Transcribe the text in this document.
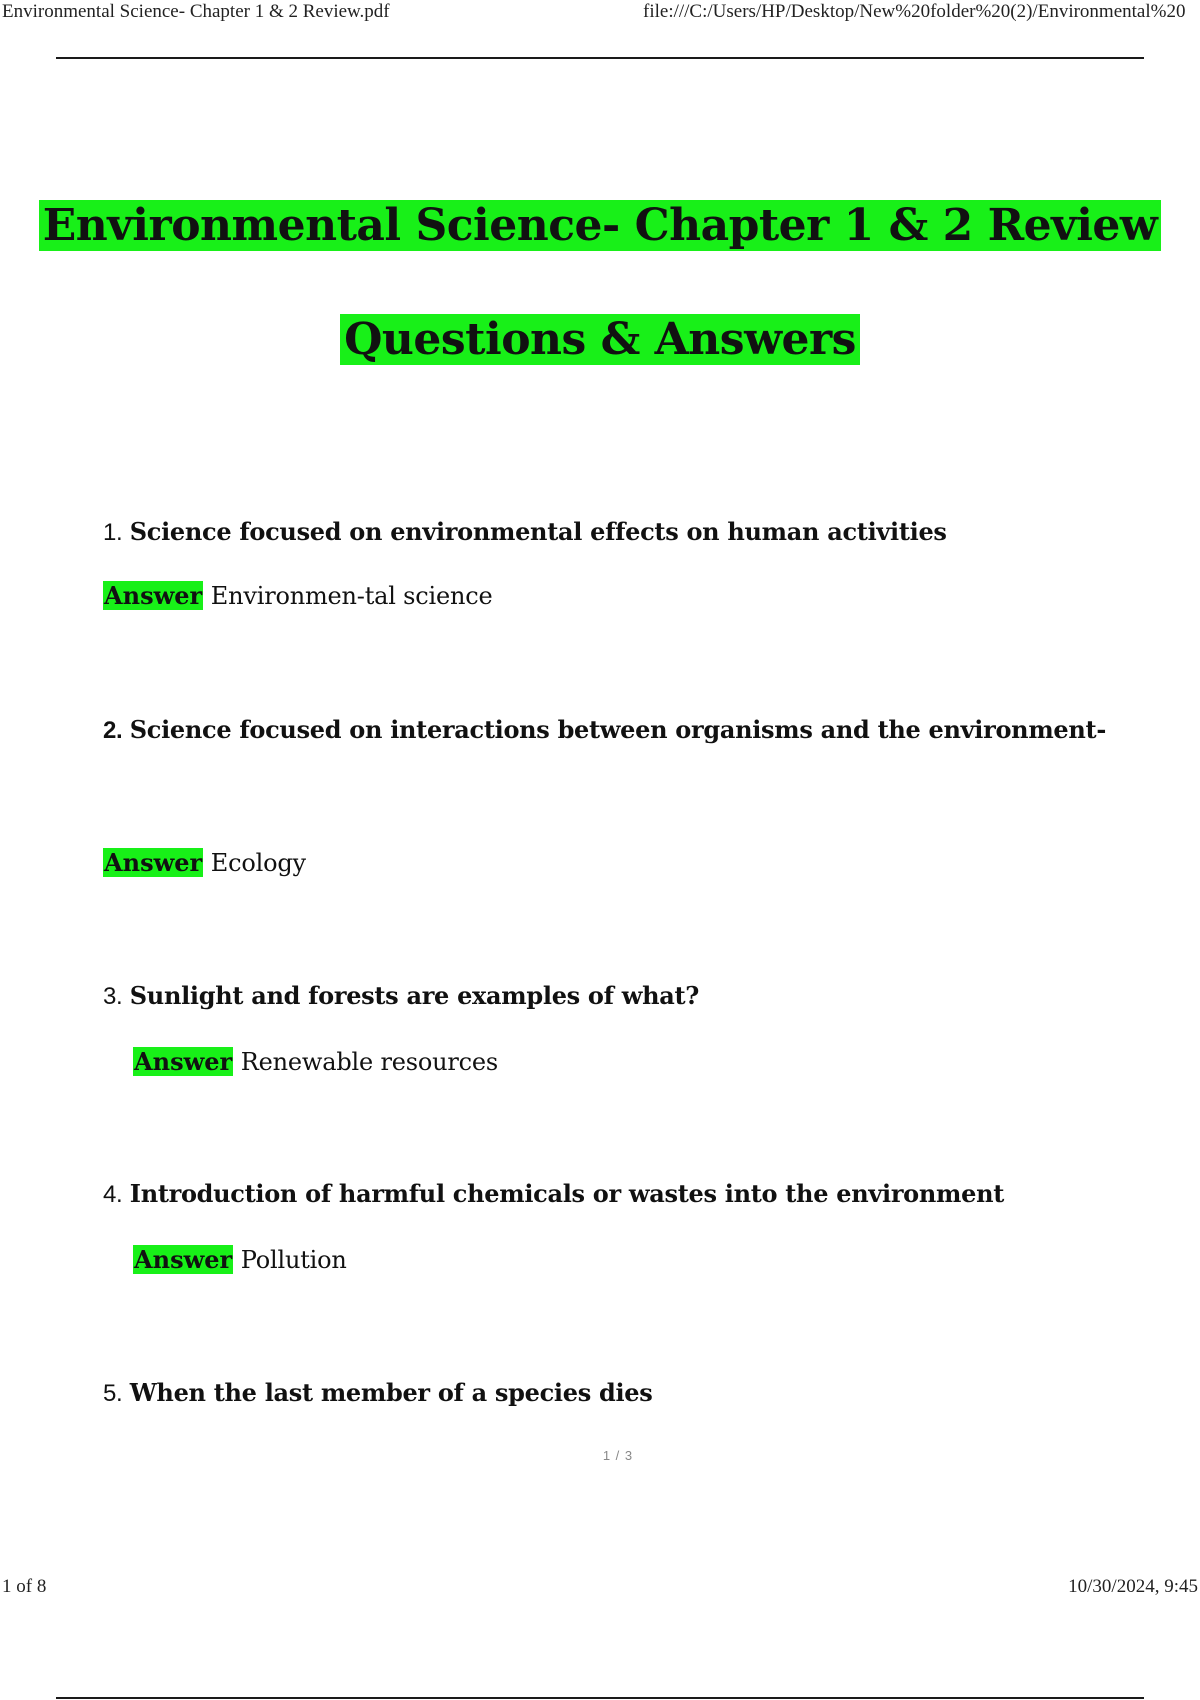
Environmental Science- Chapter 1 & 2 Review.pdf	file:///C:/Users/HP/Desktop/New%20folder%20(2)/Environmental%20
Environmental Science- Chapter 1 & 2 Review
Questions & Answers
1. Science focused on environmental effects on human activities
Answer Environmen-tal science
2. Science focused on interactions between organisms and the environment-
Answer Ecology
3. Sunlight and forests are examples of what?
Answer Renewable resources
4. Introduction of harmful chemicals or wastes into the environment
Answer Pollution
5. When the last member of a species dies
1 / 3
1 of 8	10/30/2024, 9:45
